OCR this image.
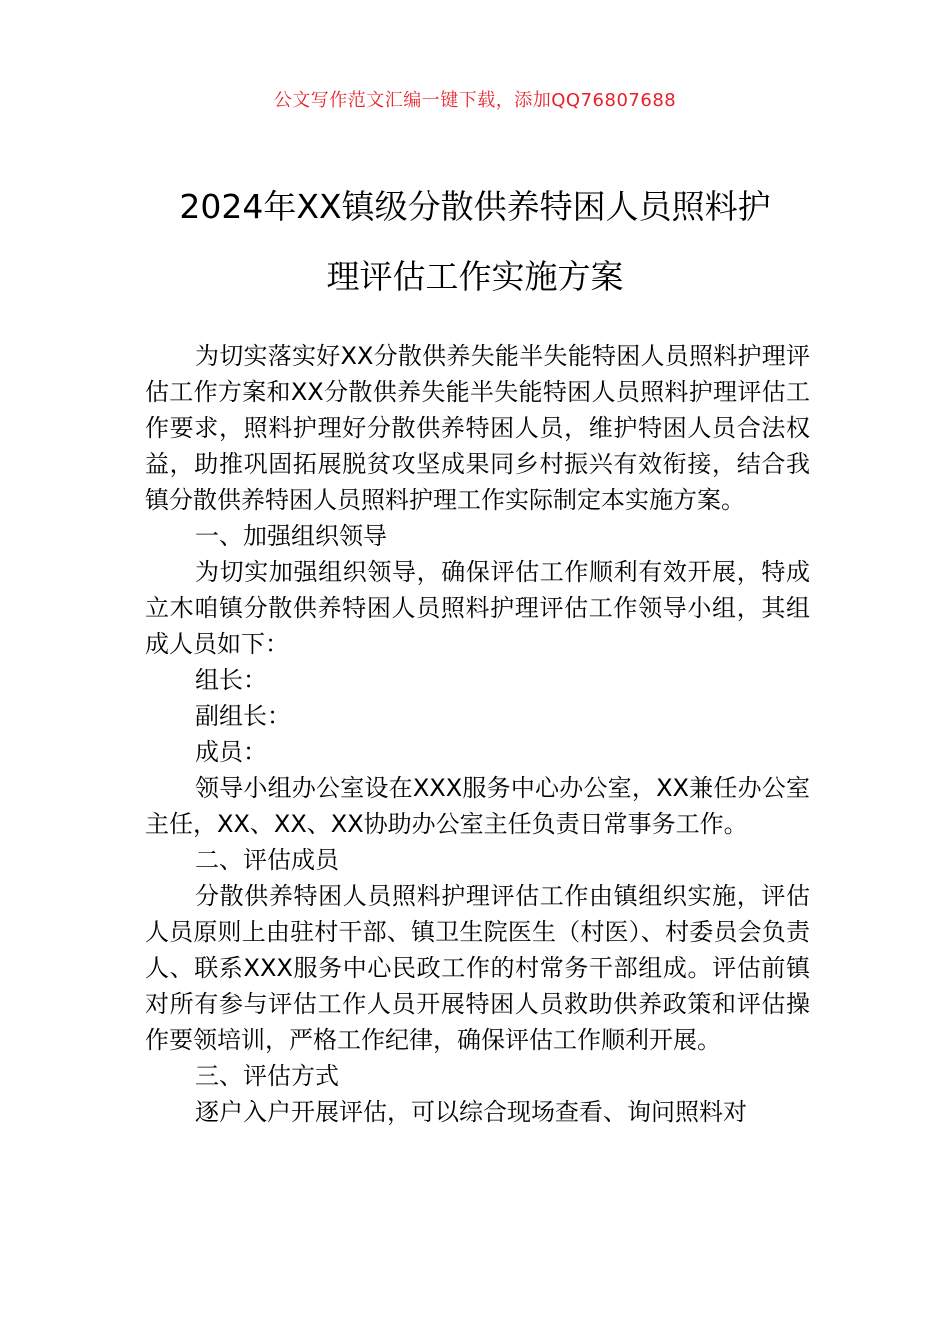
公文写作范文汇编一键下载，添加QQ76807688
2024年XX镇级分散供养特困人员照料护
理评估工作实施方案

为切实落实好XX分散供养失能半失能特困人员照料护理评估工作方案和XX分散供养失能半失能特困人员照料护理评估工作要求，照料护理好分散供养特困人员，维护特困人员合法权益，助推巩固拓展脱贫攻坚成果同乡村振兴有效衔接，结合我镇分散供养特困人员照料护理工作实际制定本实施方案。

一、加强组织领导

为切实加强组织领导，确保评估工作顺利有效开展，特成立木咱镇分散供养特困人员照料护理评估工作领导小组，其组成人员如下：

组长：

副组长：

成员：

领导小组办公室设在XXX服务中心办公室，XX兼任办公室主任，XX、XX、XX协助办公室主任负责日常事务工作。

二、评估成员

分散供养特困人员照料护理评估工作由镇组织实施，评估人员原则上由驻村干部、镇卫生院医生（村医）、村委员会负责人、联系XXX服务中心民政工作的村常务干部组成。评估前镇对所有参与评估工作人员开展特困人员救助供养政策和评估操作要领培训，严格工作纪律，确保评估工作顺利开展。

三、评估方式

逐户入户开展评估，可以综合现场查看、询问照料对
